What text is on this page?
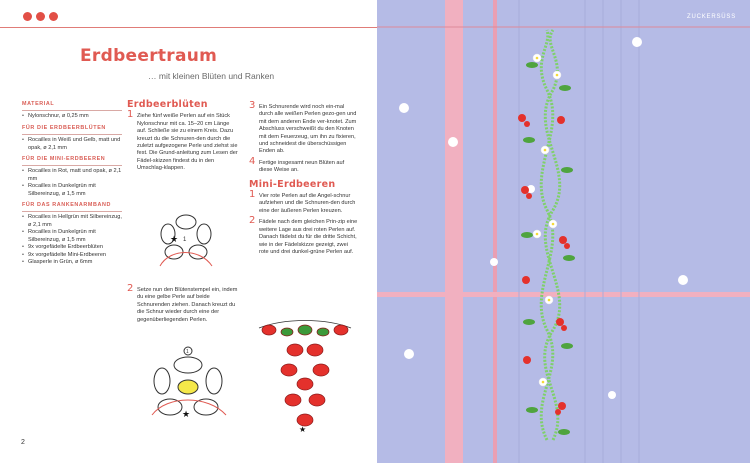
Erdbeertraum
… mit kleinen Blüten und Ranken
MATERIAL
• Nylonschnur, ø 0,25 mm
FÜR DIE ERDBEERBLÜTEN
• Rocailles in Weiß und Gelb, matt und opak, ø 2,1 mm
FÜR DIE MINI-ERDBEEREN
• Rocailles in Rot, matt und opak, ø 2,1 mm
• Rocailles in Dunkelgrün mit Silbereinzug, ø 1,5 mm
FÜR DAS RANKENARMBAND
• Rocailles in Hellgrün mit Silbereinzug, ø 2,1 mm
• Rocailles in Dunkelgrün mit Silbereinzug, ø 1,5 mm
• 9x vorgefädelte Erdbeerblüten
• 9x vorgefädelte Mini-Erdbeeren
• Glasperle in Grün, ø 6mm
Erdbeerblüten
1 Ziehe fünf weiße Perlen auf ein Stück Nylonschnur mit ca. 15–20 cm Länge auf. Schließe sie zu einem Kreis. Dazu kreuzt du die Schnuren-den durch die zuletzt aufgezogene Perle und ziehst sie fest. Die Grund-anleitung zum Lesen der Fädel-skizzen findest du in den Umschlag-klappen.
1
★
2 Setze nun den Blütenstempel ein, indem du eine gelbe Perle auf beide Schnurenden ziehen. Danach kreuzt du die Schnur wieder durch eine der gegenüberliegenden Perlen.
1
★
3 Ein Schnurende wird noch ein-mal durch alle weißen Perlen gezo-gen und mit dem anderen Ende ver-knotet. Zum Abschluss verschweißt du den Knoten mit dem Feuerzeug, um ihn zu fixieren, und schneidest die überschüssigen Enden ab.
4 Fertige insgesamt neun Blüten auf diese Weise an.
Mini-Erdbeeren
1 Vier rote Perlen auf die Angel-schnur aufziehen und die Schnuren-den durch eine der äußeren Perlen kreuzen.
2 Fädele nach dem gleichen Prin-zip eine weitere Lage aus drei roten Perlen auf. Danach fädelst du für die dritte Schicht, wie in der Fädelskizze gezeigt, zwei rote und drei dunkel-grüne Perlen auf.
★
2
ZUCKERSÜSS
